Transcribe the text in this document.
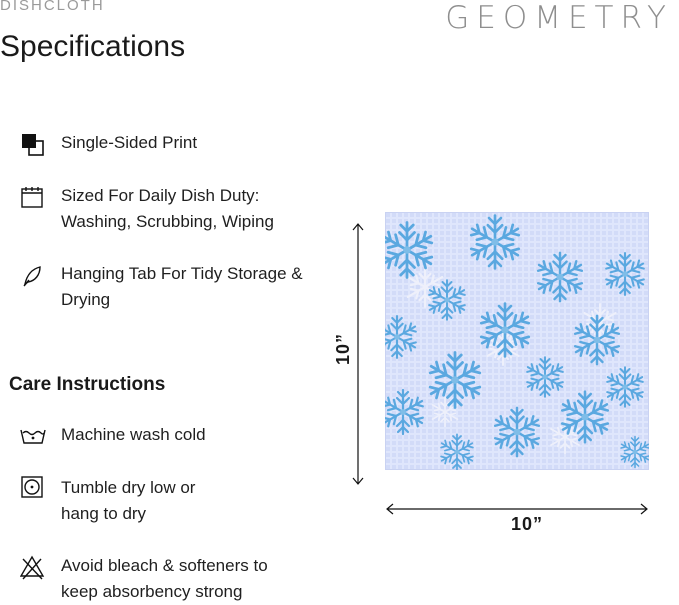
DISHCLOTH	GEOMETRY
Specifications
Single-Sided Print
Sized For Daily Dish Duty: Washing, Scrubbing, Wiping
Hanging Tab For Tidy Storage & Drying
Care Instructions
Machine wash cold
Tumble dry low or hang to dry
Avoid bleach & softeners to keep absorbency strong
10”
10”
